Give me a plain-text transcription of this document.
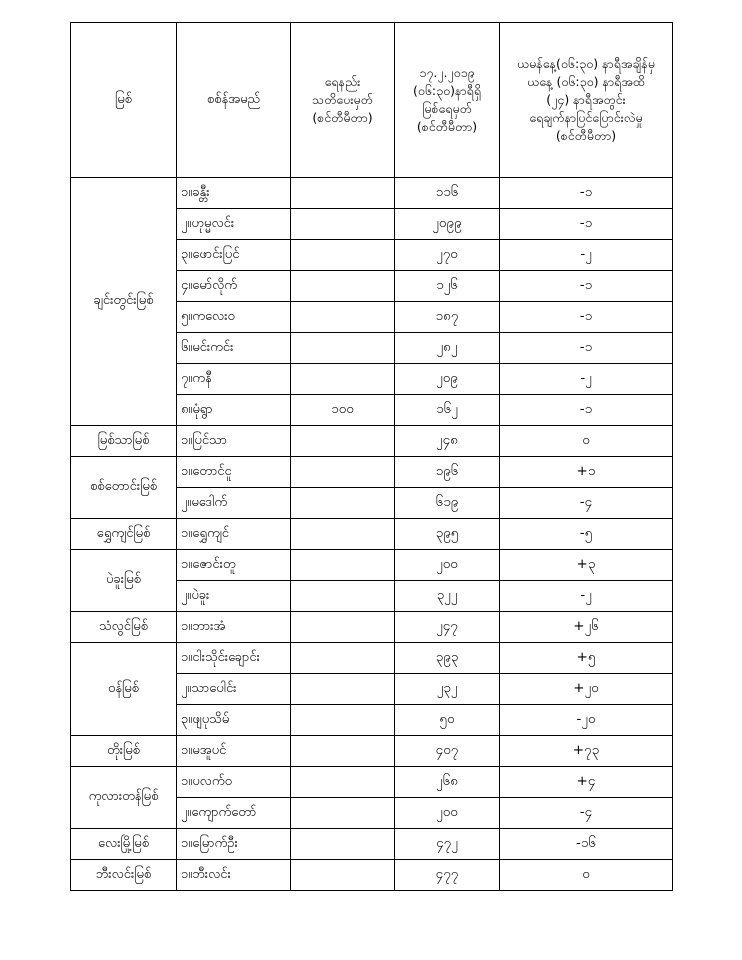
မြစ်	စစ်န်အမည်	ရေနည်း
သတိပေးမှတ်
(စင်တီမီတာ)	၁၇.၂.၂၀၁၉
(၀၆:၃၀)နာရီရှိ
မြစ်ရေမှတ်
(စင်တီမီတာ)	ယမန်နေ့(၀၆:၃၀) နာရီအချိန်မှ
ယနေ့ (၀၆:၃၀) နာရီအထိ
(၂၄) နာရီအတွင်း
ရေချက်နာပြင်ပြောင်းလဲမှု
(စင်တီမီတာ)

ချင်းတွင်းမြစ်	၁။ခန္တီး		၁၁၆	-၁
	၂။ဟုမ္မလင်း		၂၀၉၉	-၁
	၃။ဖောင်းပြင်		၂၇၀	-၂
	၄။မော်လိုက်		၁၂၆	-၁
	၅။ကလေးဝ		၁၈၇	-၁
	၆။မင်းကင်း		၂၈၂	-၁
	၇။ကနီ		၂၀၉	-၂
	၈။မုံရွာ	၁၀၀	၁၆၂	-၁
မြစ်သာမြစ်	၁။ပြင်သာ		၂၄၈	၀
စစ်တောင်းမြစ်	၁။တောင်ငူ		၁၉၆	+၁
	၂။မဒေါက်		၆၁၉	-၄
ရွှေကျင်မြစ်	၁။ရွှေကျင်		၃၉၅	-၅
ပဲခူးမြစ်	၁။ဇောင်းတူ		၂၀၀	+၃
	၂။ပဲခူး		၃၂၂	-၂
သံလွင်မြစ်	၁။ဘားအံ		၂၄၇	+၂၆
ဝန်မြစ်	၁။ငါးသိုင်းချောင်း		၃၉၃	+၅
	၂။သာပေါင်း		၂၃၂	+၂၀
	၃။ဖျပုသိမ်		၅၀	-၂၀
တိုးမြစ်	၁။မအူပင်		၄၀၇	+၇၃
ကုလားတန်မြစ်	၁။ပလက်ဝ		၂၆၈	+၄
	၂။ကျောက်တော်		၂၀၀	-၄
လေးမြို့မြစ်	၁။မြောက်ဦး		၄၇၂	-၁၆
ဘီးလင်းမြစ်	၁။ဘီးလင်း		၄၇၇	၀
